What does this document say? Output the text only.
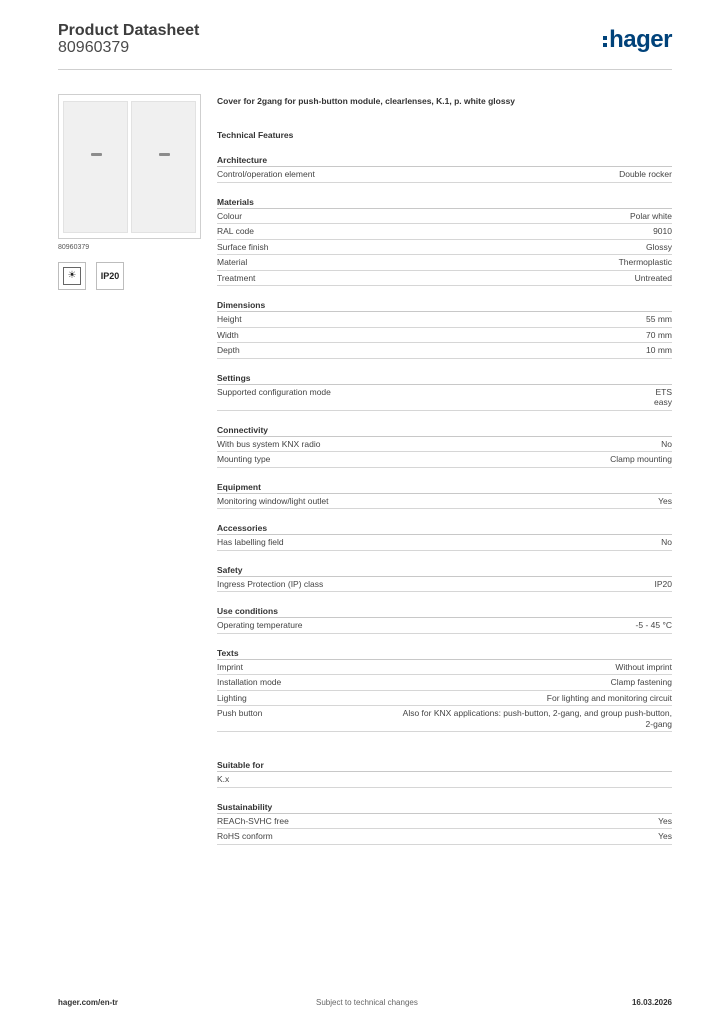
Product Datasheet
80960379	hager
80960379
☀	IP20
Cover for 2gang for push-button module, clearlenses, K.1, p. white glossy
Technical Features
Architecture
Control/operation element	Double rocker
Materials
Colour	Polar white
RAL code	9010
Surface finish	Glossy
Material	Thermoplastic
Treatment	Untreated
Dimensions
Height	55 mm
Width	70 mm
Depth	10 mm
Settings
Supported configuration mode	ETS
easy
Connectivity
With bus system KNX radio	No
Mounting type	Clamp mounting
Equipment
Monitoring window/light outlet	Yes
Accessories
Has labelling field	No
Safety
Ingress Protection (IP) class	IP20
Use conditions
Operating temperature	-5 - 45 °C
Texts
Imprint	Without imprint
Installation mode	Clamp fastening
Lighting	For lighting and monitoring circuit
Push button	Also for KNX applications: push-button, 2-gang, and group push-button,
2-gang
Suitable for
K.x
Sustainability
REACh-SVHC free	Yes
RoHS conform	Yes
hager.com/en-tr	Subject to technical changes	16.03.2026
